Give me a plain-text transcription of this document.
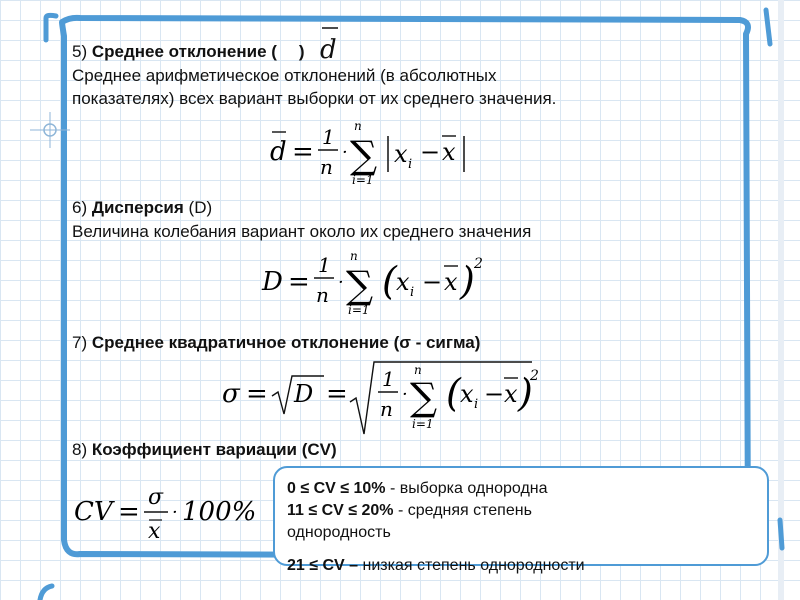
5) Среднее отклонение ( )
Среднее арифметическое отклонений (в абсолютных
показателях) всех вариант выборки от их среднего значения.
6) Дисперсия (D)
Величина колебания вариант около их среднего значения
7) Среднее квадратичное отклонение (σ - сигма)
8) Коэффициент вариации (CV)
d
d = 1
n
·
n
∑
i=1
x i − x
D =
1
n
·
n
∑
i=1
( x i − x ) 2
σ = D = 1
n
·
n
∑
i=1
( x i − x )
2
CV = σ
x
· 100%
0 ≤ CV ≤ 10% - выборка однородна
11 ≤ CV ≤ 20% - средняя степень
однородность
21 ≤ CV – низкая степень однородности
